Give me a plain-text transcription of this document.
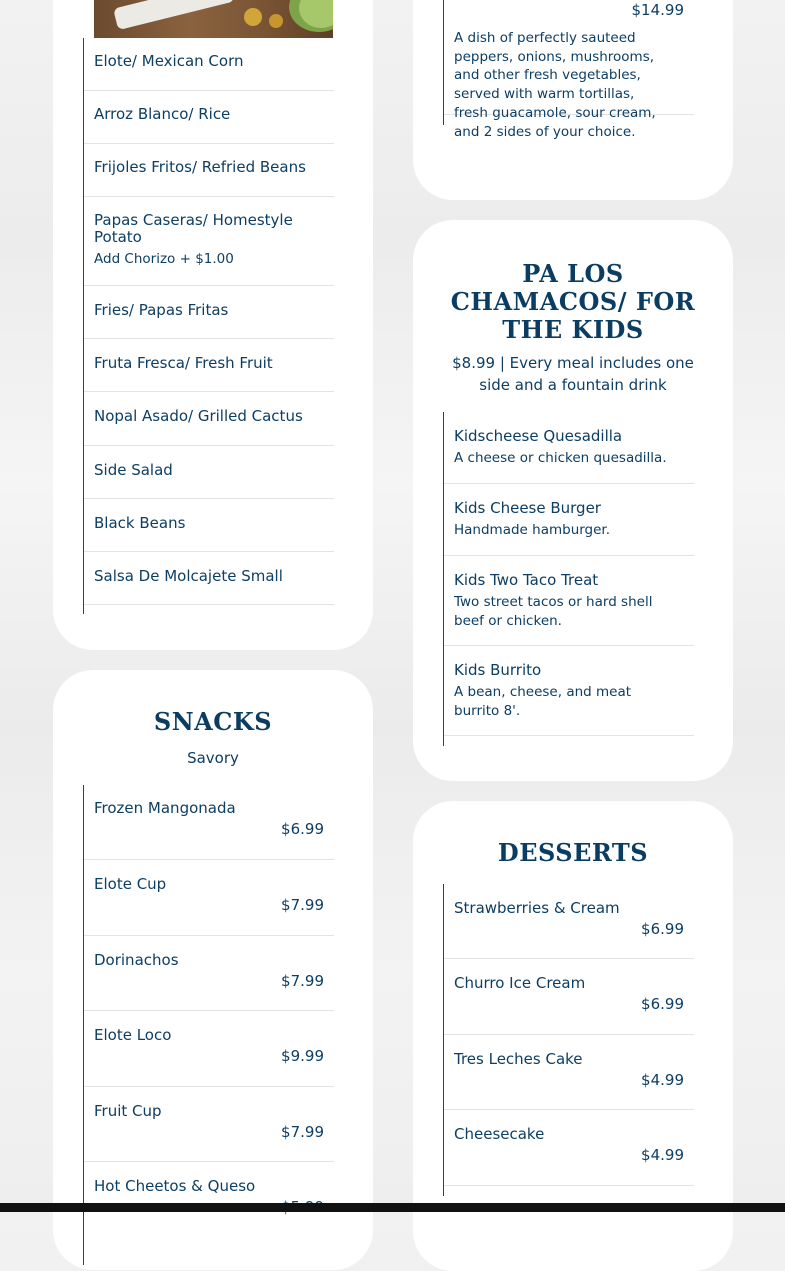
Elote/ Mexican Corn
Arroz Blanco/ Rice
Frijoles Fritos/ Refried Beans
Papas Caseras/ Homestyle Potato
Add Chorizo + $1.00
Fries/ Papas Fritas
Fruta Fresca/ Fresh Fruit
Nopal Asado/ Grilled Cactus
Side Salad
Black Beans
Salsa De Molcajete Small
$14.99
A dish of perfectly sauteed peppers, onions, mushrooms, and other fresh vegetables, served with warm tortillas, fresh guacamole, sour cream, and 2 sides of your choice.
PA LOS CHAMACOS/ FOR THE KIDS
$8.99 | Every meal includes one side and a fountain drink
Kidscheese Quesadilla
A cheese or chicken quesadilla.
Kids Cheese Burger
Handmade hamburger.
Kids Two Taco Treat
Two street tacos or hard shell beef or chicken.
Kids Burrito
A bean, cheese, and meat burrito 8'.
SNACKS
Savory
Frozen Mangonada
$6.99
Elote Cup
$7.99
Dorinachos
$7.99
Elote Loco
$9.99
Fruit Cup
$7.99
Hot Cheetos & Queso
DESSERTS
Strawberries & Cream
$6.99
Churro Ice Cream
$6.99
Tres Leches Cake
$4.99
Cheesecake
$4.99
